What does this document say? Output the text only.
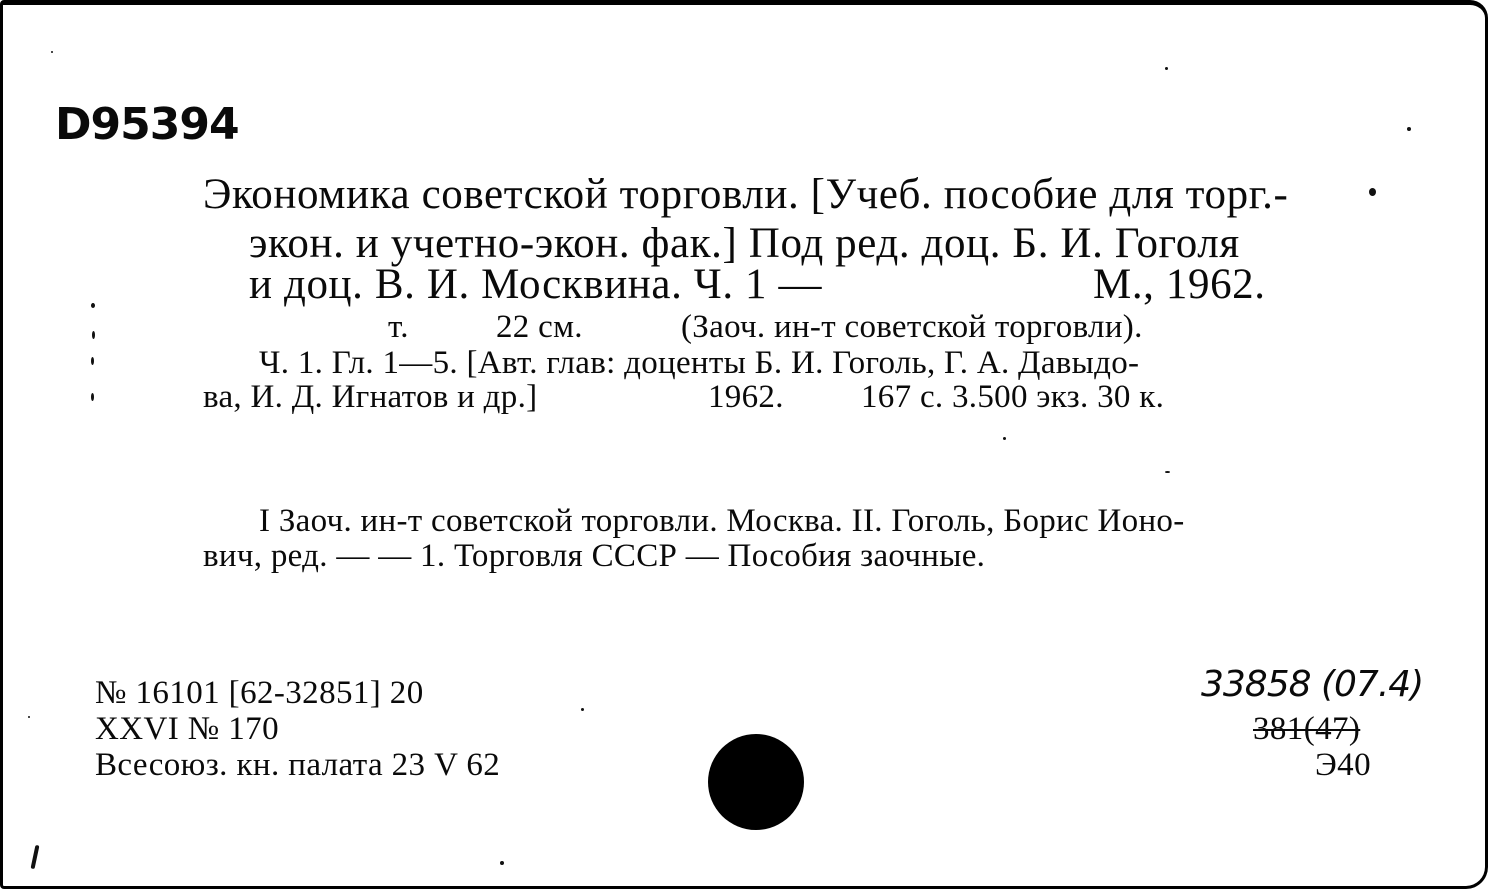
D95394
Экономика советской торговли. [Учеб. пособие для торг.-
экон. и учетно-экон. фак.] Под ред. доц. Б. И. Гоголя
и доц. В. И. Москвина. Ч. 1 —	М., 1962.
т.	22 см.	(Заоч. ин-т советской торговли).
Ч. 1. Гл. 1—5. [Авт. глав: доценты Б. И. Гоголь, Г. А. Давыдо-
ва, И. Д. Игнатов и др.]	1962. 167 с. 3.500 экз. 30 к.
I Заоч. ин-т советской торговли. Москва. II. Гоголь, Борис Ионо-
вич, ред. — — 1. Торговля СССР — Пособия заочные.
№ 16101 [62-32851] 20
XXVI № 170
Всесоюз. кн. палата 23 V 62
33858 (07.4)
381(47)
Э40
